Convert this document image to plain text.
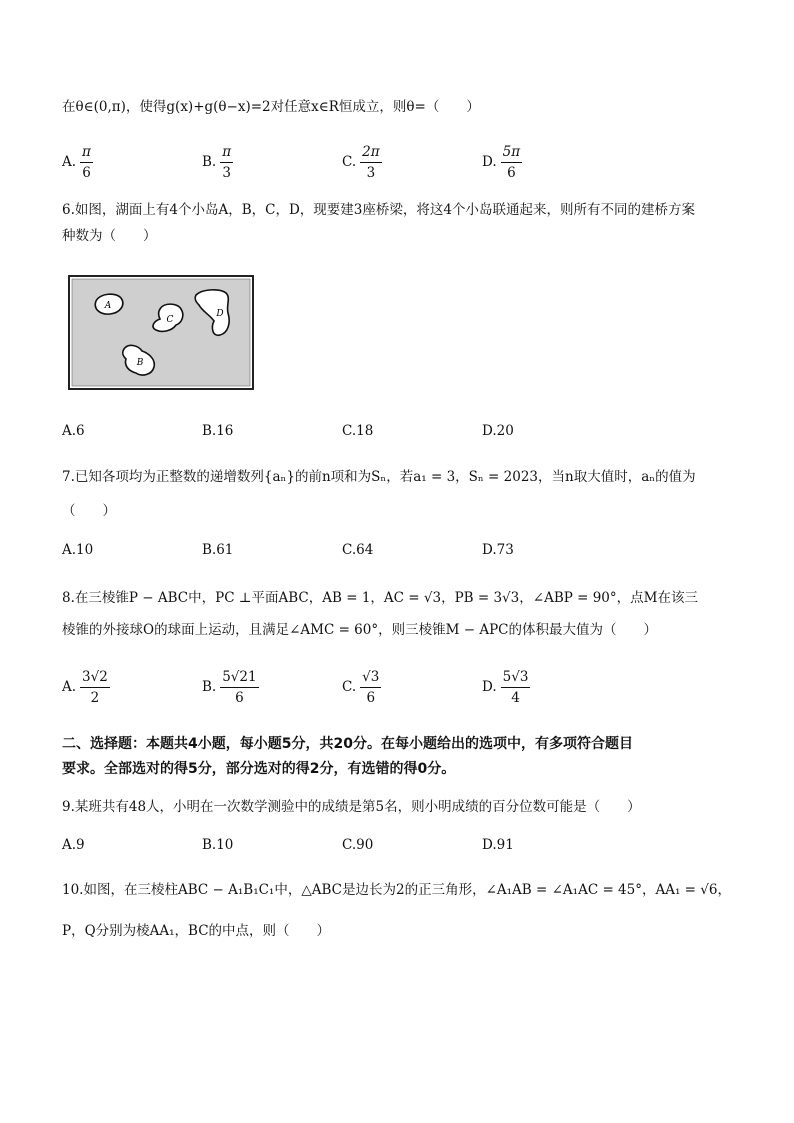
在θ∈(0,π)，使得g(x)+g(θ−x)=2对任意x∈R恒成立，则θ=（　　）
A. $\frac{\pi}{6}$	B. $\frac{\pi}{3}$	C. $\frac{2\pi}{3}$	D. $\frac{5\pi}{6}$
6.如图，湖面上有4个小岛A，B，C，D，现要建3座桥梁，将这4个小岛联通起来，则所有不同的建桥方案
种数为（　　）
A
C
D
B
A. 6	B. 16	C. 18	D. 20
7.已知各项均为正整数的递增数列{aₙ}的前n项和为Sₙ，若a₁ = 3，Sₙ = 2023，当n取大值时，aₙ的值为
（　　）
A. 10	B. 61	C. 64	D. 73
8.在三棱锥P − ABC中，PC ⊥平面ABC，AB = 1，AC = √3，PB = 3√3，∠ABP = 90°，点M在该三
棱锥的外接球O的球面上运动，且满足∠AMC = 60°，则三棱锥M − APC的体积最大值为（　　）
A. $\frac{3√2}{2}$	B. $\frac{5√21}{6}$	C. $\frac{√3}{6}$	D. $\frac{5√3}{4}$
二、选择题：本题共4小题，每小题5分，共20分。在每小题给出的选项中，有多项符合题目
要求。全部选对的得5分，部分选对的得2分，有选错的得0分。
9.某班共有48人，小明在一次数学测验中的成绩是第5名，则小明成绩的百分位数可能是（　　）
A. 9	B. 10	C. 90	D. 91
10.如图，在三棱柱ABC − A₁B₁C₁中，△ABC是边长为2的正三角形，∠A₁AB = ∠A₁AC = 45°，AA₁ = √6，
P，Q分别为棱AA₁，BC的中点，则（　　）
